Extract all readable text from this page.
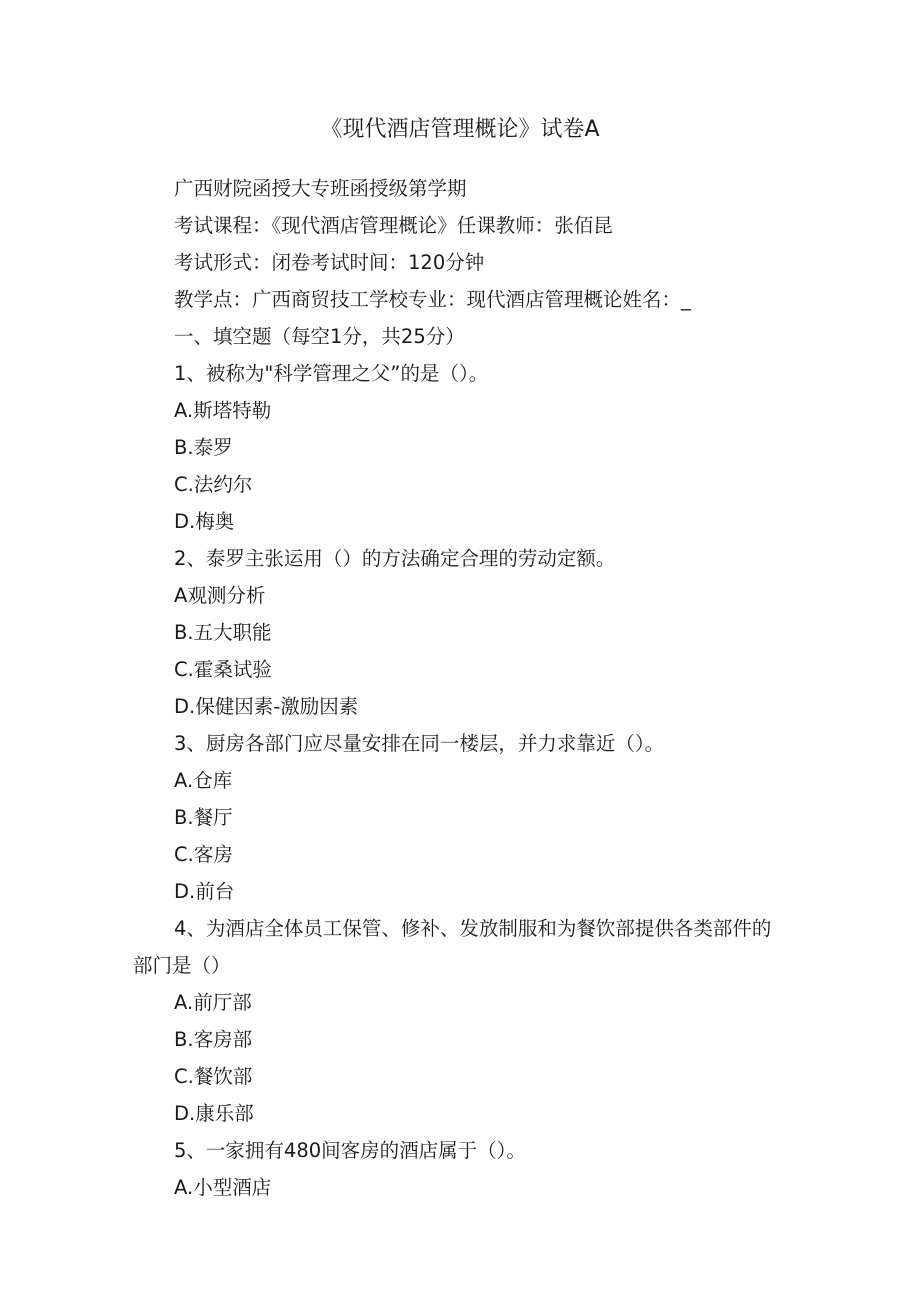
《现代酒店管理概论》试卷A
广西财院函授大专班函授级第学期
考试课程：《现代酒店管理概论》任课教师：张佰昆
考试形式：闭卷考试时间：120分钟
教学点：广西商贸技工学校专业：现代酒店管理概论姓名：_
一、填空题（每空1分，共25分）
1、被称为"科学管理之父”的是（）。
A.斯塔特勒
B.泰罗
C.法约尔
D.梅奥
2、泰罗主张运用（）的方法确定合理的劳动定额。
A观测分析
B.五大职能
C.霍桑试验
D.保健因素-激励因素
3、厨房各部门应尽量安排在同一楼层，并力求靠近（）。
A.仓库
B.餐厅
C.客房
D.前台
4、为酒店全体员工保管、修补、发放制服和为餐饮部提供各类部件的
部门是（）
A.前厅部
B.客房部
C.餐饮部
D.康乐部
5、一家拥有480间客房的酒店属于（）。
A.小型酒店
